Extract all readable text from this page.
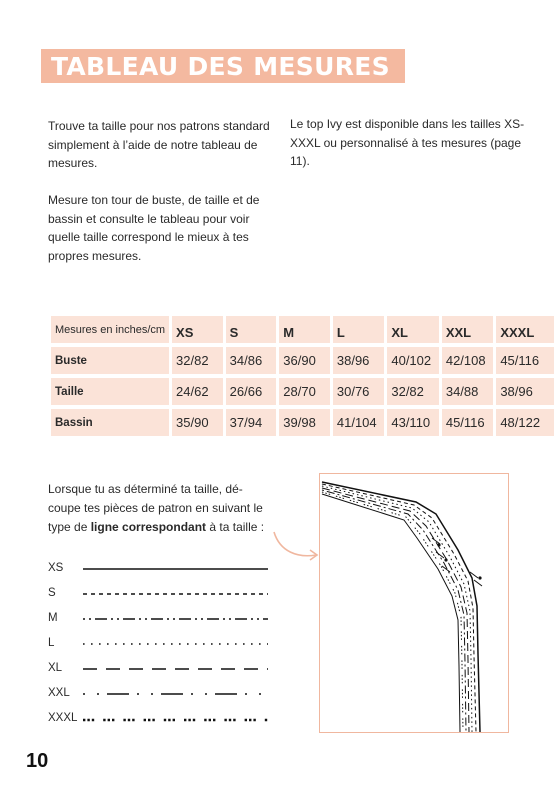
TABLEAU DES MESURES

Trouve ta taille pour nos patrons standard simplement à l’aide de notre tableau de mesures.

Mesure ton tour de buste, de taille et de bassin et consulte le tableau pour voir quelle taille correspond le mieux à tes propres mesures.

Le top Ivy est disponible dans les tailles XS-XXXL ou personnalisé à tes mesures (page 11).

Mesures en inches/cm	XS	S	M	L	XL	XXL	XXXL
Buste	32/82	34/86	36/90	38/96	40/102	42/108	45/116
Taille	24/62	26/66	28/70	30/76	32/82	34/88	38/96
Bassin	35/90	37/94	39/98	41/104	43/110	45/116	48/122

Lorsque tu as déterminé ta taille, dé- coupe tes pièces de patron en suivant le type de ligne correspondant à ta taille :

XS
S
M
L
XL
XXL
XXXL
10
